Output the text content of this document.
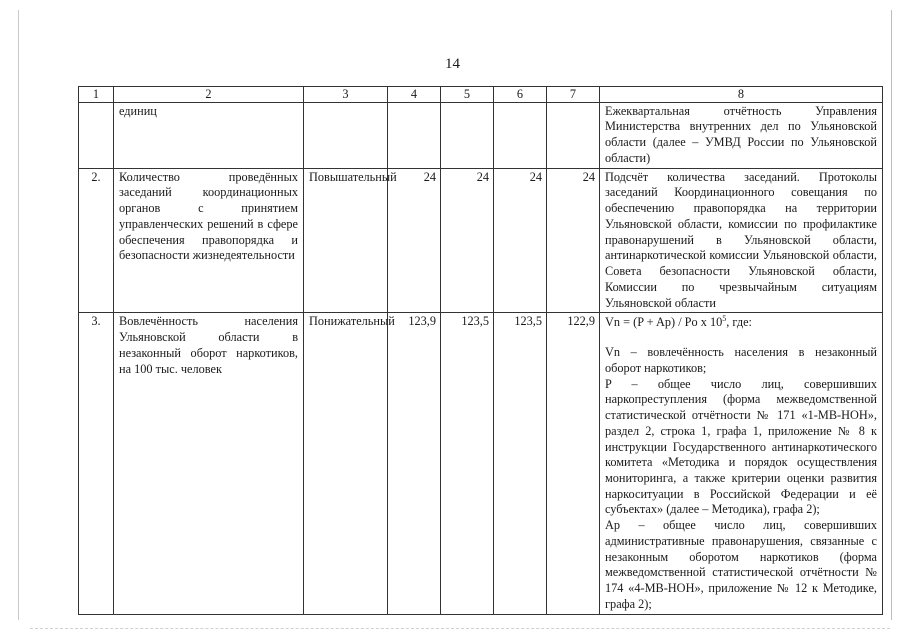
14
1	2	3	4	5	6	7	8
	единиц						Ежеквартальная отчётность Управления Министерства внутренних дел по Ульяновской области (далее – УМВД России по Ульяновской области)

2.	Количество проведённых заседаний координационных органов с принятием управленческих решений в сфере обеспечения правопорядка и безопасности жизнедеятельности	Повышательный	24	24	24	24	Подсчёт количества заседаний. Протоколы заседаний Координационного совещания по обеспечению правопорядка на территории Ульяновской области, комиссии по профилактике правонарушений в Ульяновской области, антинаркотической комиссии Ульяновской области, Совета безопасности Ульяновской области, Комиссии по чрезвычайным ситуациям Ульяновской области

3.	Вовлечённость населения Ульяновской области в незаконный оборот наркотиков, на 100 тыс. человек	Понижательный	123,9	123,5	123,5	122,9	Vn = (P + Ap) / Po x $10^5$, где:

Vn – вовлечённость населения в незаконный оборот наркотиков;

P – общее число лиц, совершивших наркопреступления (форма межведомственной статистической отчётности № 171 «1-МВ-НОН», раздел 2, строка 1, графа 1, приложение № 8 к инструкции Государственного антинаркотического комитета «Методика и порядок осуществления мониторинга, а также критерии оценки развития наркоситуации в Российской Федерации и её субъектах» (далее – Методика), графа 2);

Ap – общее число лиц, совершивших административные правонарушения, связанные с незаконным оборотом наркотиков (форма межведомственной статистической отчётности № 174 «4-МВ-НОН», приложение № 12 к Методике, графа 2);
